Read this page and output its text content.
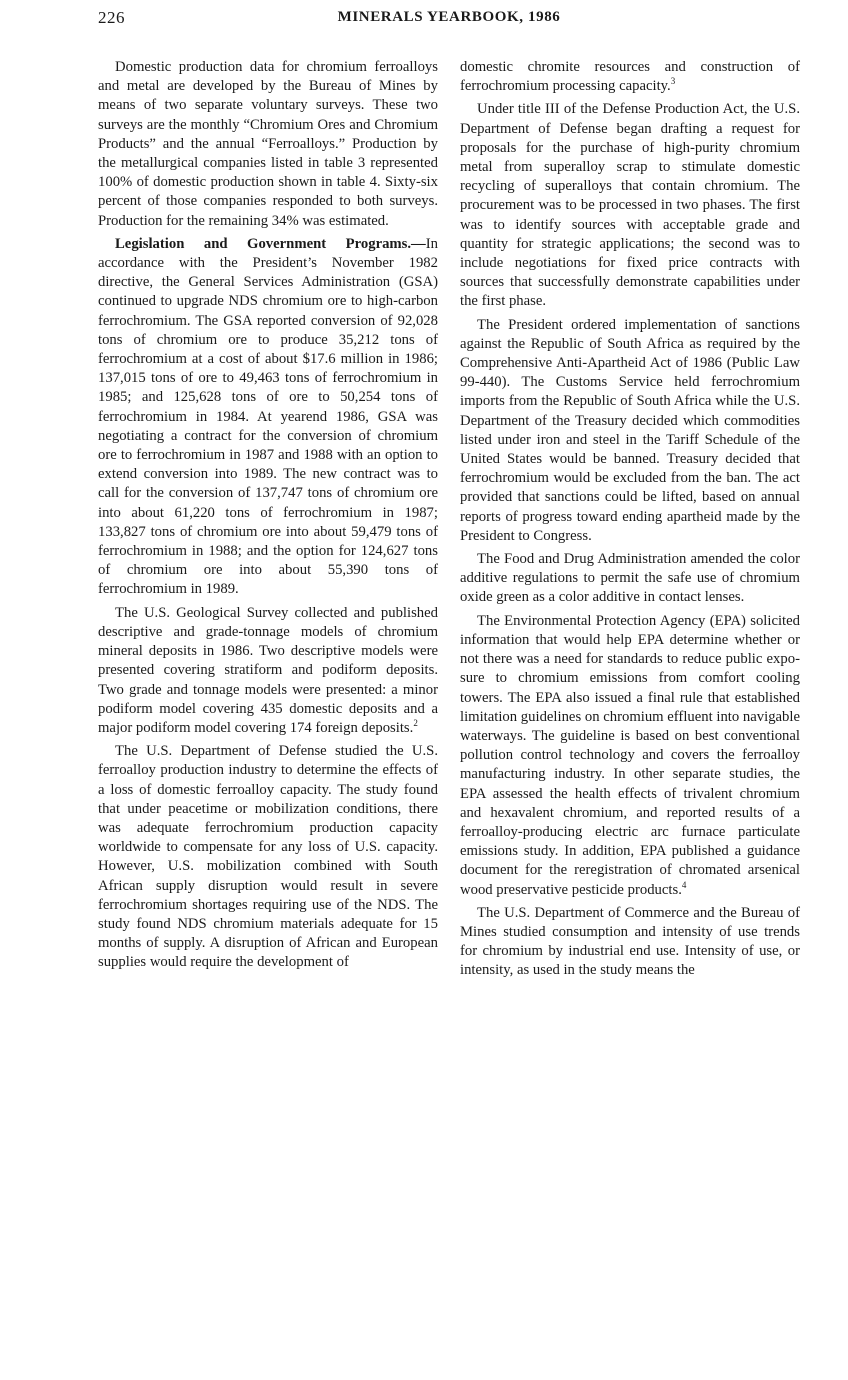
226	MINERALS YEARBOOK, 1986

Domestic production data for chromium ferroalloys and metal are developed by the Bureau of Mines by means of two separate voluntary surveys. These two surveys are the monthly “Chromium Ores and Chromium Products” and the annual “Ferroalloys.” Production by the metallurgical companies listed in table 3 represented 100% of domestic production shown in table 4. Sixty-six percent of those companies responded to both surveys. Production for the remaining 34% was estimated.

Legislation and Government Programs.—In accordance with the President’s November 1982 directive, the General Services Administration (GSA) continued to upgrade NDS chromium ore to high-carbon ferrochromium. The GSA reported conversion of 92,028 tons of chromium ore to produce 35,212 tons of ferrochromium at a cost of about $17.6 million in 1986; 137,015 tons of ore to 49,463 tons of ferrochromium in 1985; and 125,628 tons of ore to 50,254 tons of ferrochromium in 1984. At yearend 1986, GSA was negotiating a contract for the conversion of chromium ore to ferrochromium in 1987 and 1988 with an option to extend conversion into 1989. The new contract was to call for the conversion of 137,747 tons of chromium ore into about 61,220 tons of ferrochromium in 1987; 133,827 tons of chromium ore into about 59,479 tons of ferrochromium in 1988; and the option for 124,627 tons of chromium ore into about 55,390 tons of ferrochromium in 1989.

The U.S. Geological Survey collected and published descriptive and grade-tonnage models of chromium mineral deposits in 1986. Two descriptive models were presented covering stratiform and podiform deposits. Two grade and tonnage models were presented: a minor podiform model covering 435 domestic deposits and a major podiform model covering 174 foreign deposits.$^2$

The U.S. Department of Defense studied the U.S. ferroalloy production industry to determine the effects of a loss of domestic ferroalloy capacity. The study found that under peacetime or mobilization conditions, there was adequate ferrochromium production capacity worldwide to compensate for any loss of U.S. capacity. However, U.S. mobilization combined with South African supply disruption would result in severe ferrochromium shortages requiring use of the NDS. The study found NDS chromium materials adequate for 15 months of supply. A disruption of African and European supplies would require the development of

domestic chromite resources and construction of ferrochromium processing capacity.$^3$

Under title III of the Defense Production Act, the U.S. Department of Defense began drafting a request for proposals for the purchase of high-purity chromium metal from superalloy scrap to stimulate domestic recycling of superalloys that contain chromium. The procurement was to be processed in two phases. The first was to identify sources with acceptable grade and quantity for strategic applications; the second was to include negotiations for fixed price contracts with sources that successfully demonstrate capabilities under the first phase.

The President ordered implementation of sanctions against the Republic of South Africa as required by the Comprehensive Anti-Apartheid Act of 1986 (Public Law 99-440). The Customs Service held ferrochromium imports from the Republic of South Africa while the U.S. Department of the Treasury decided which commodities listed under iron and steel in the Tariff Schedule of the United States would be banned. Treasury decided that ferrochromium would be excluded from the ban. The act provided that sanctions could be lifted, based on annual reports of progress toward ending apartheid made by the President to Congress.

The Food and Drug Administration amended the color additive regulations to permit the safe use of chromium oxide green as a color additive in contact lenses.

The Environmental Protection Agency (EPA) solicited information that would help EPA determine whether or not there was a need for standards to reduce public exposure to chromium emissions from comfort cooling towers. The EPA also issued a final rule that established limitation guidelines on chromium effluent into navigable waterways. The guideline is based on best conventional pollution control technology and covers the ferroalloy manufacturing industry. In other separate studies, the EPA assessed the health effects of trivalent chromium and hexavalent chromium, and reported results of a ferroalloy-producing electric arc furnace particulate emissions study. In addition, EPA published a guidance document for the reregistration of chromated arsenical wood preservative pesticide products.$^4$

The U.S. Department of Commerce and the Bureau of Mines studied consumption and intensity of use trends for chromium by industrial end use. Intensity of use, or intensity, as used in the study means the
